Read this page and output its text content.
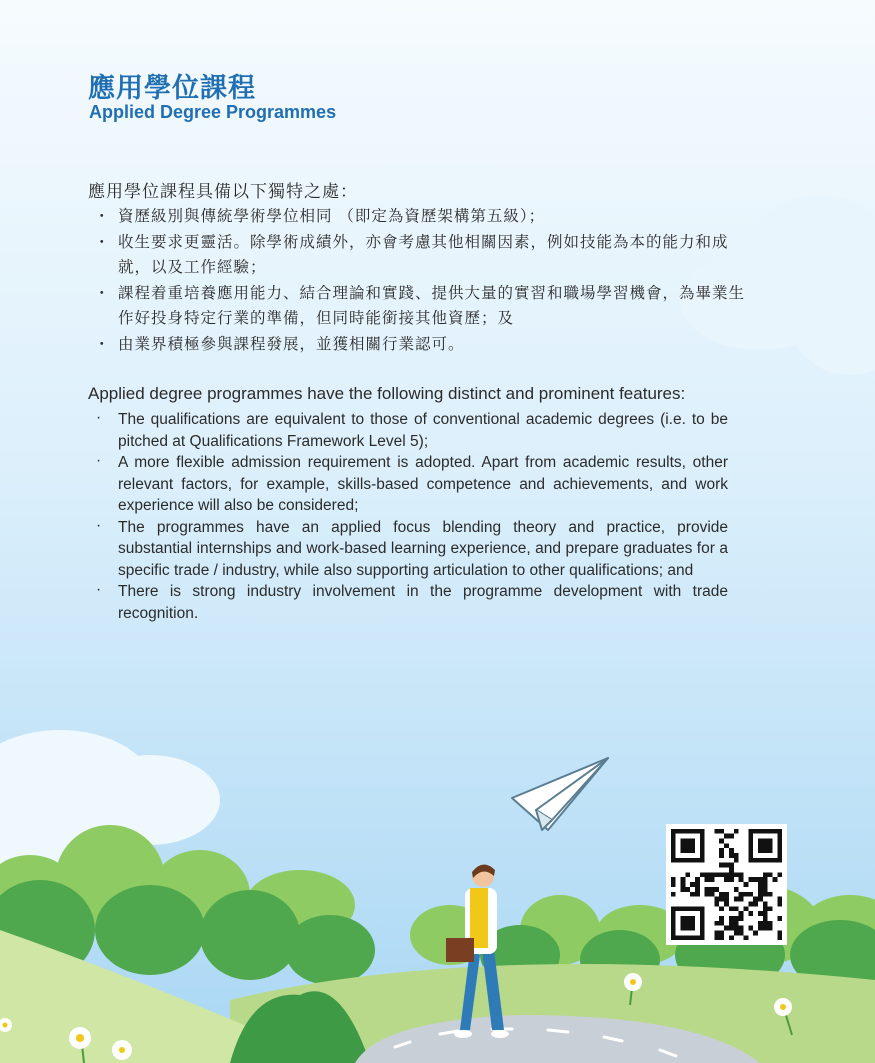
應用學位課程
Applied Degree Programmes
應用學位課程具備以下獨特之處：
・ 資歷級別與傳統學術學位相同 （即定為資歷架構第五級）；
・ 收生要求更靈活。除學術成績外，亦會考慮其他相關因素，例如技能為本的能力和成就，以及工作經驗；
・ 課程着重培養應用能力、結合理論和實踐、提供大量的實習和職場學習機會，為畢業生作好投身特定行業的準備，但同時能銜接其他資歷；及
・ 由業界積極參與課程發展，並獲相關行業認可。
Applied degree programmes have the following distinct and prominent features:
· The qualifications are equivalent to those of conventional academic degrees (i.e. to be pitched at Qualifications Framework Level 5);
· A more flexible admission requirement is adopted. Apart from academic results, other relevant factors, for example, skills-based competence and achievements, and work experience will also be considered;
· The programmes have an applied focus blending theory and practice, provide substantial internships and work-based learning experience, and prepare graduates for a specific trade / industry, while also supporting articulation to other qualifications; and
· There is strong industry involvement in the programme development with trade recognition.
